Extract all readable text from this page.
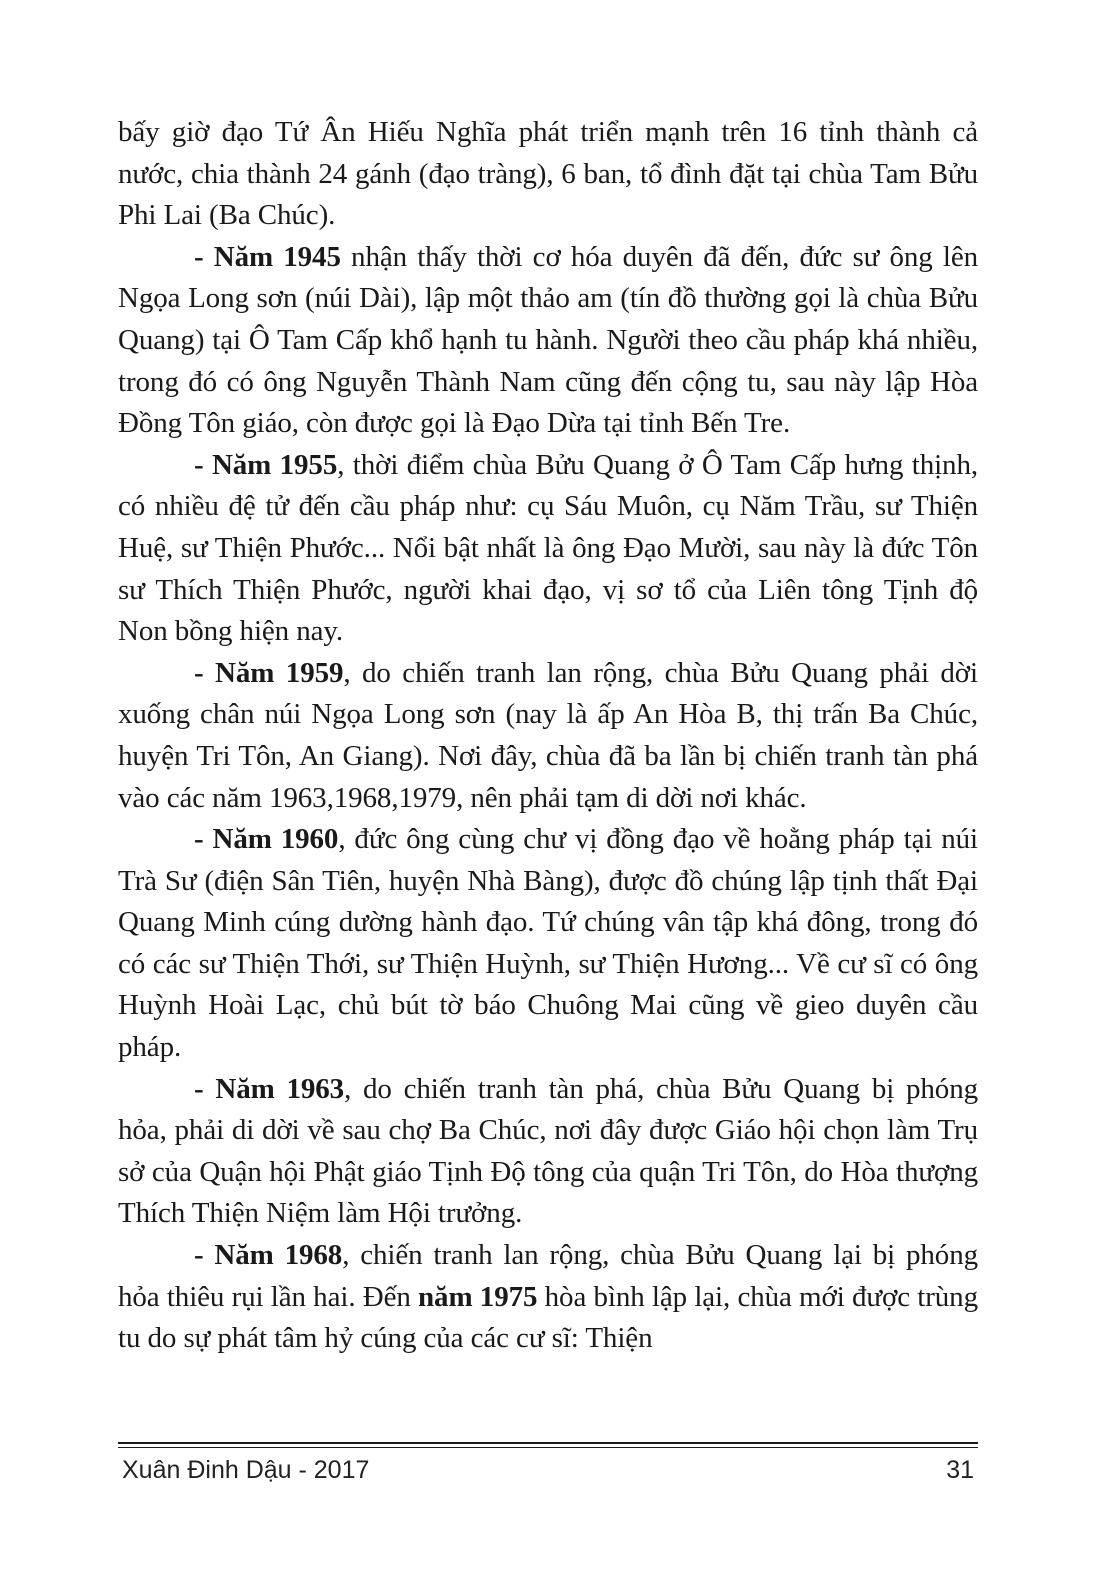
bấy giờ đạo Tứ Ân Hiếu Nghĩa phát triển mạnh trên 16 tỉnh thành cả nước, chia thành 24 gánh (đạo tràng), 6 ban, tổ đình đặt tại chùa Tam Bửu Phi Lai (Ba Chúc).

- Năm 1945 nhận thấy thời cơ hóa duyên đã đến, đức sư ông lên Ngọa Long sơn (núi Dài), lập một thảo am (tín đồ thường gọi là chùa Bửu Quang) tại Ô Tam Cấp khổ hạnh tu hành. Người theo cầu pháp khá nhiều, trong đó có ông Nguyễn Thành Nam cũng đến cộng tu, sau này lập Hòa Đồng Tôn giáo, còn được gọi là Đạo Dừa tại tỉnh Bến Tre.

- Năm 1955, thời điểm chùa Bửu Quang ở Ô Tam Cấp hưng thịnh, có nhiều đệ tử đến cầu pháp như: cụ Sáu Muôn, cụ Năm Trầu, sư Thiện Huệ, sư Thiện Phước... Nổi bật nhất là ông Đạo Mười, sau này là đức Tôn sư Thích Thiện Phước, người khai đạo, vị sơ tổ của Liên tông Tịnh độ Non bồng hiện nay.

- Năm 1959, do chiến tranh lan rộng, chùa Bửu Quang phải dời xuống chân núi Ngọa Long sơn (nay là ấp An Hòa B, thị trấn Ba Chúc, huyện Tri Tôn, An Giang). Nơi đây, chùa đã ba lần bị chiến tranh tàn phá vào các năm 1963,1968,1979, nên phải tạm di dời nơi khác.

- Năm 1960, đức ông cùng chư vị đồng đạo về hoằng pháp tại núi Trà Sư (điện Sân Tiên, huyện Nhà Bàng), được đồ chúng lập tịnh thất Đại Quang Minh cúng dường hành đạo. Tứ chúng vân tập khá đông, trong đó có các sư Thiện Thới, sư Thiện Huỳnh, sư Thiện Hương... Về cư sĩ có ông Huỳnh Hoài Lạc, chủ bút tờ báo Chuông Mai cũng về gieo duyên cầu pháp.

- Năm 1963, do chiến tranh tàn phá, chùa Bửu Quang bị phóng hỏa, phải di dời về sau chợ Ba Chúc, nơi đây được Giáo hội chọn làm Trụ sở của Quận hội Phật giáo Tịnh Độ tông của quận Tri Tôn, do Hòa thượng Thích Thiện Niệm làm Hội trưởng.

- Năm 1968, chiến tranh lan rộng, chùa Bửu Quang lại bị phóng hỏa thiêu rụi lần hai. Đến năm 1975 hòa bình lập lại, chùa mới được trùng tu do sự phát tâm hỷ cúng của các cư sĩ: Thiện

Xuân Đinh Dậu - 2017	31
